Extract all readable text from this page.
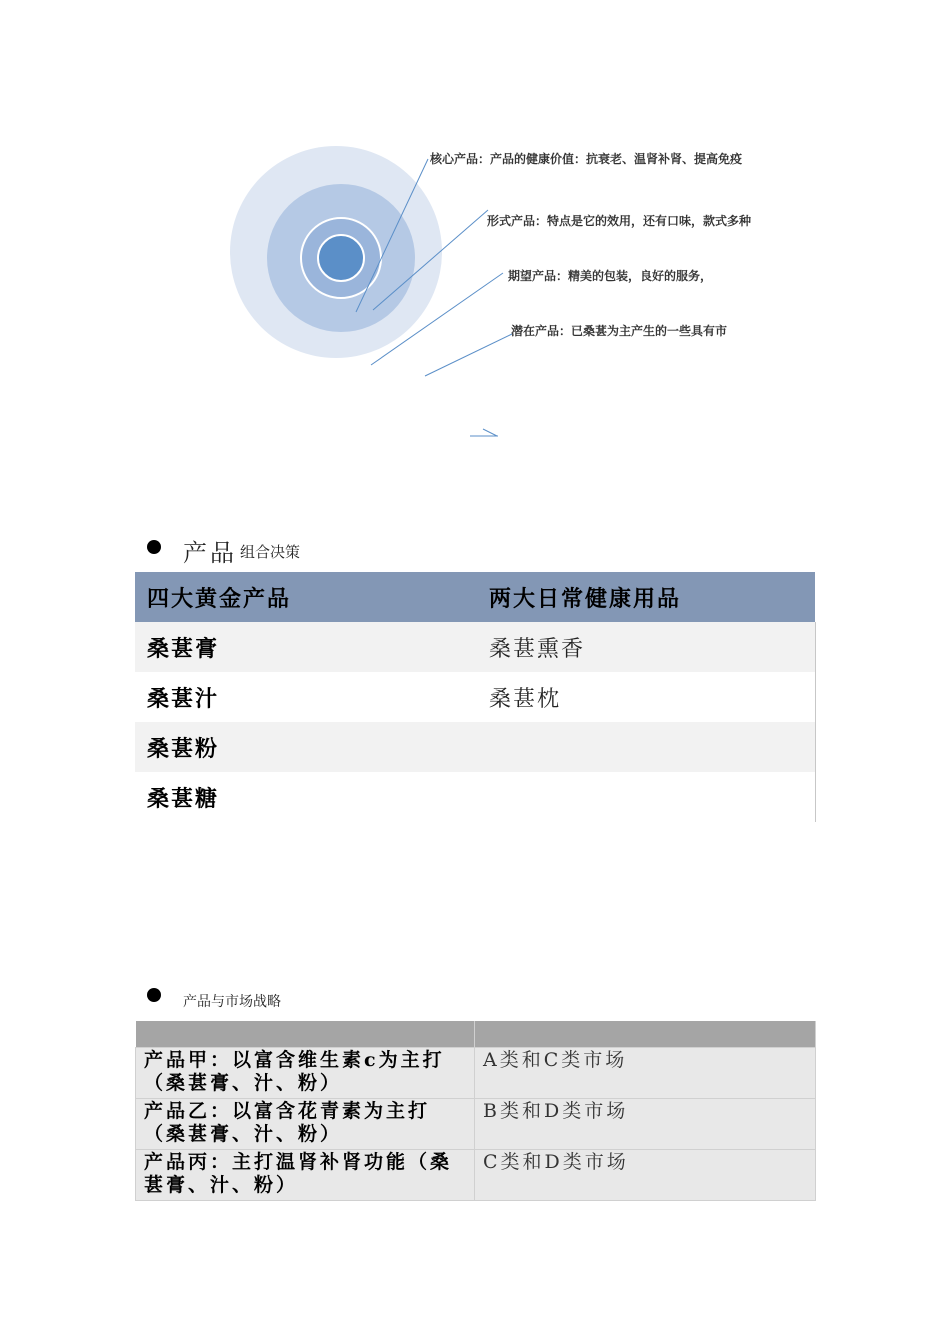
核心产品：产品的健康价值：抗衰老、温肾补肾、提高免疫
形式产品：特点是它的效用，还有口味，款式多种
期望产品：精美的包装，良好的服务，
潜在产品：已桑葚为主产生的一些具有市
产品 组合决策
四大黄金产品	两大日常健康用品
桑葚膏	桑葚熏香
桑葚汁	桑葚枕
桑葚粉	
桑葚糖	
产品与市场战略

产品甲：以富含维生素c为主打（桑葚膏、汁、粉）	A类和C类市场
产品乙：以富含花青素为主打（桑葚膏、汁、粉）	B类和D类市场
产品丙：主打温肾补肾功能（桑葚膏、汁、粉）	C类和D类市场
